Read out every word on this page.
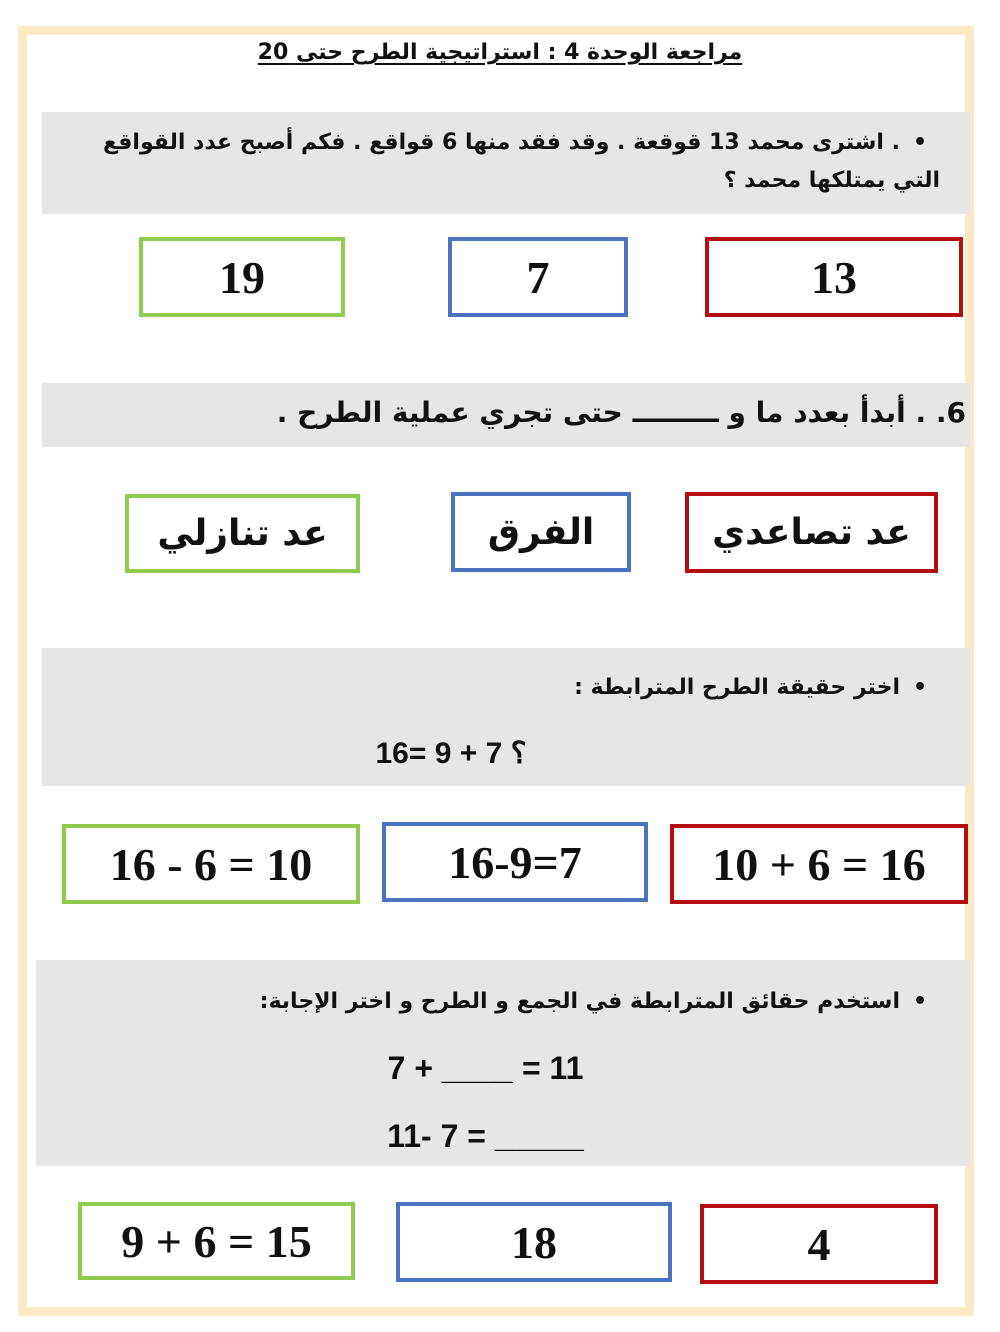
مراجعة الوحدة 4 : استراتيجية الطرح حتى 20
•. اشترى محمد 13 قوقعة . وقد فقد منها 6 قواقع . فكم أصبح عدد القواقع التي يمتلكها محمد ؟
19	7	13
6. . أبدأ بعدد ما و ـــــــــ حتى تجري عملية الطرح .
عد تنازلي	الفرق	عد تصاعدي
•اختر حقيقة الطرح المترابطة :
16= 9 + 7 ؟
16 - 6 = 10	16-9=7	10 + 6 = 16
•استخدم حقائق المترابطة في الجمع و الطرح و اختر الإجابة:
7 + ____ = 11
11- 7 = _____
9 + 6 = 15	18	4
